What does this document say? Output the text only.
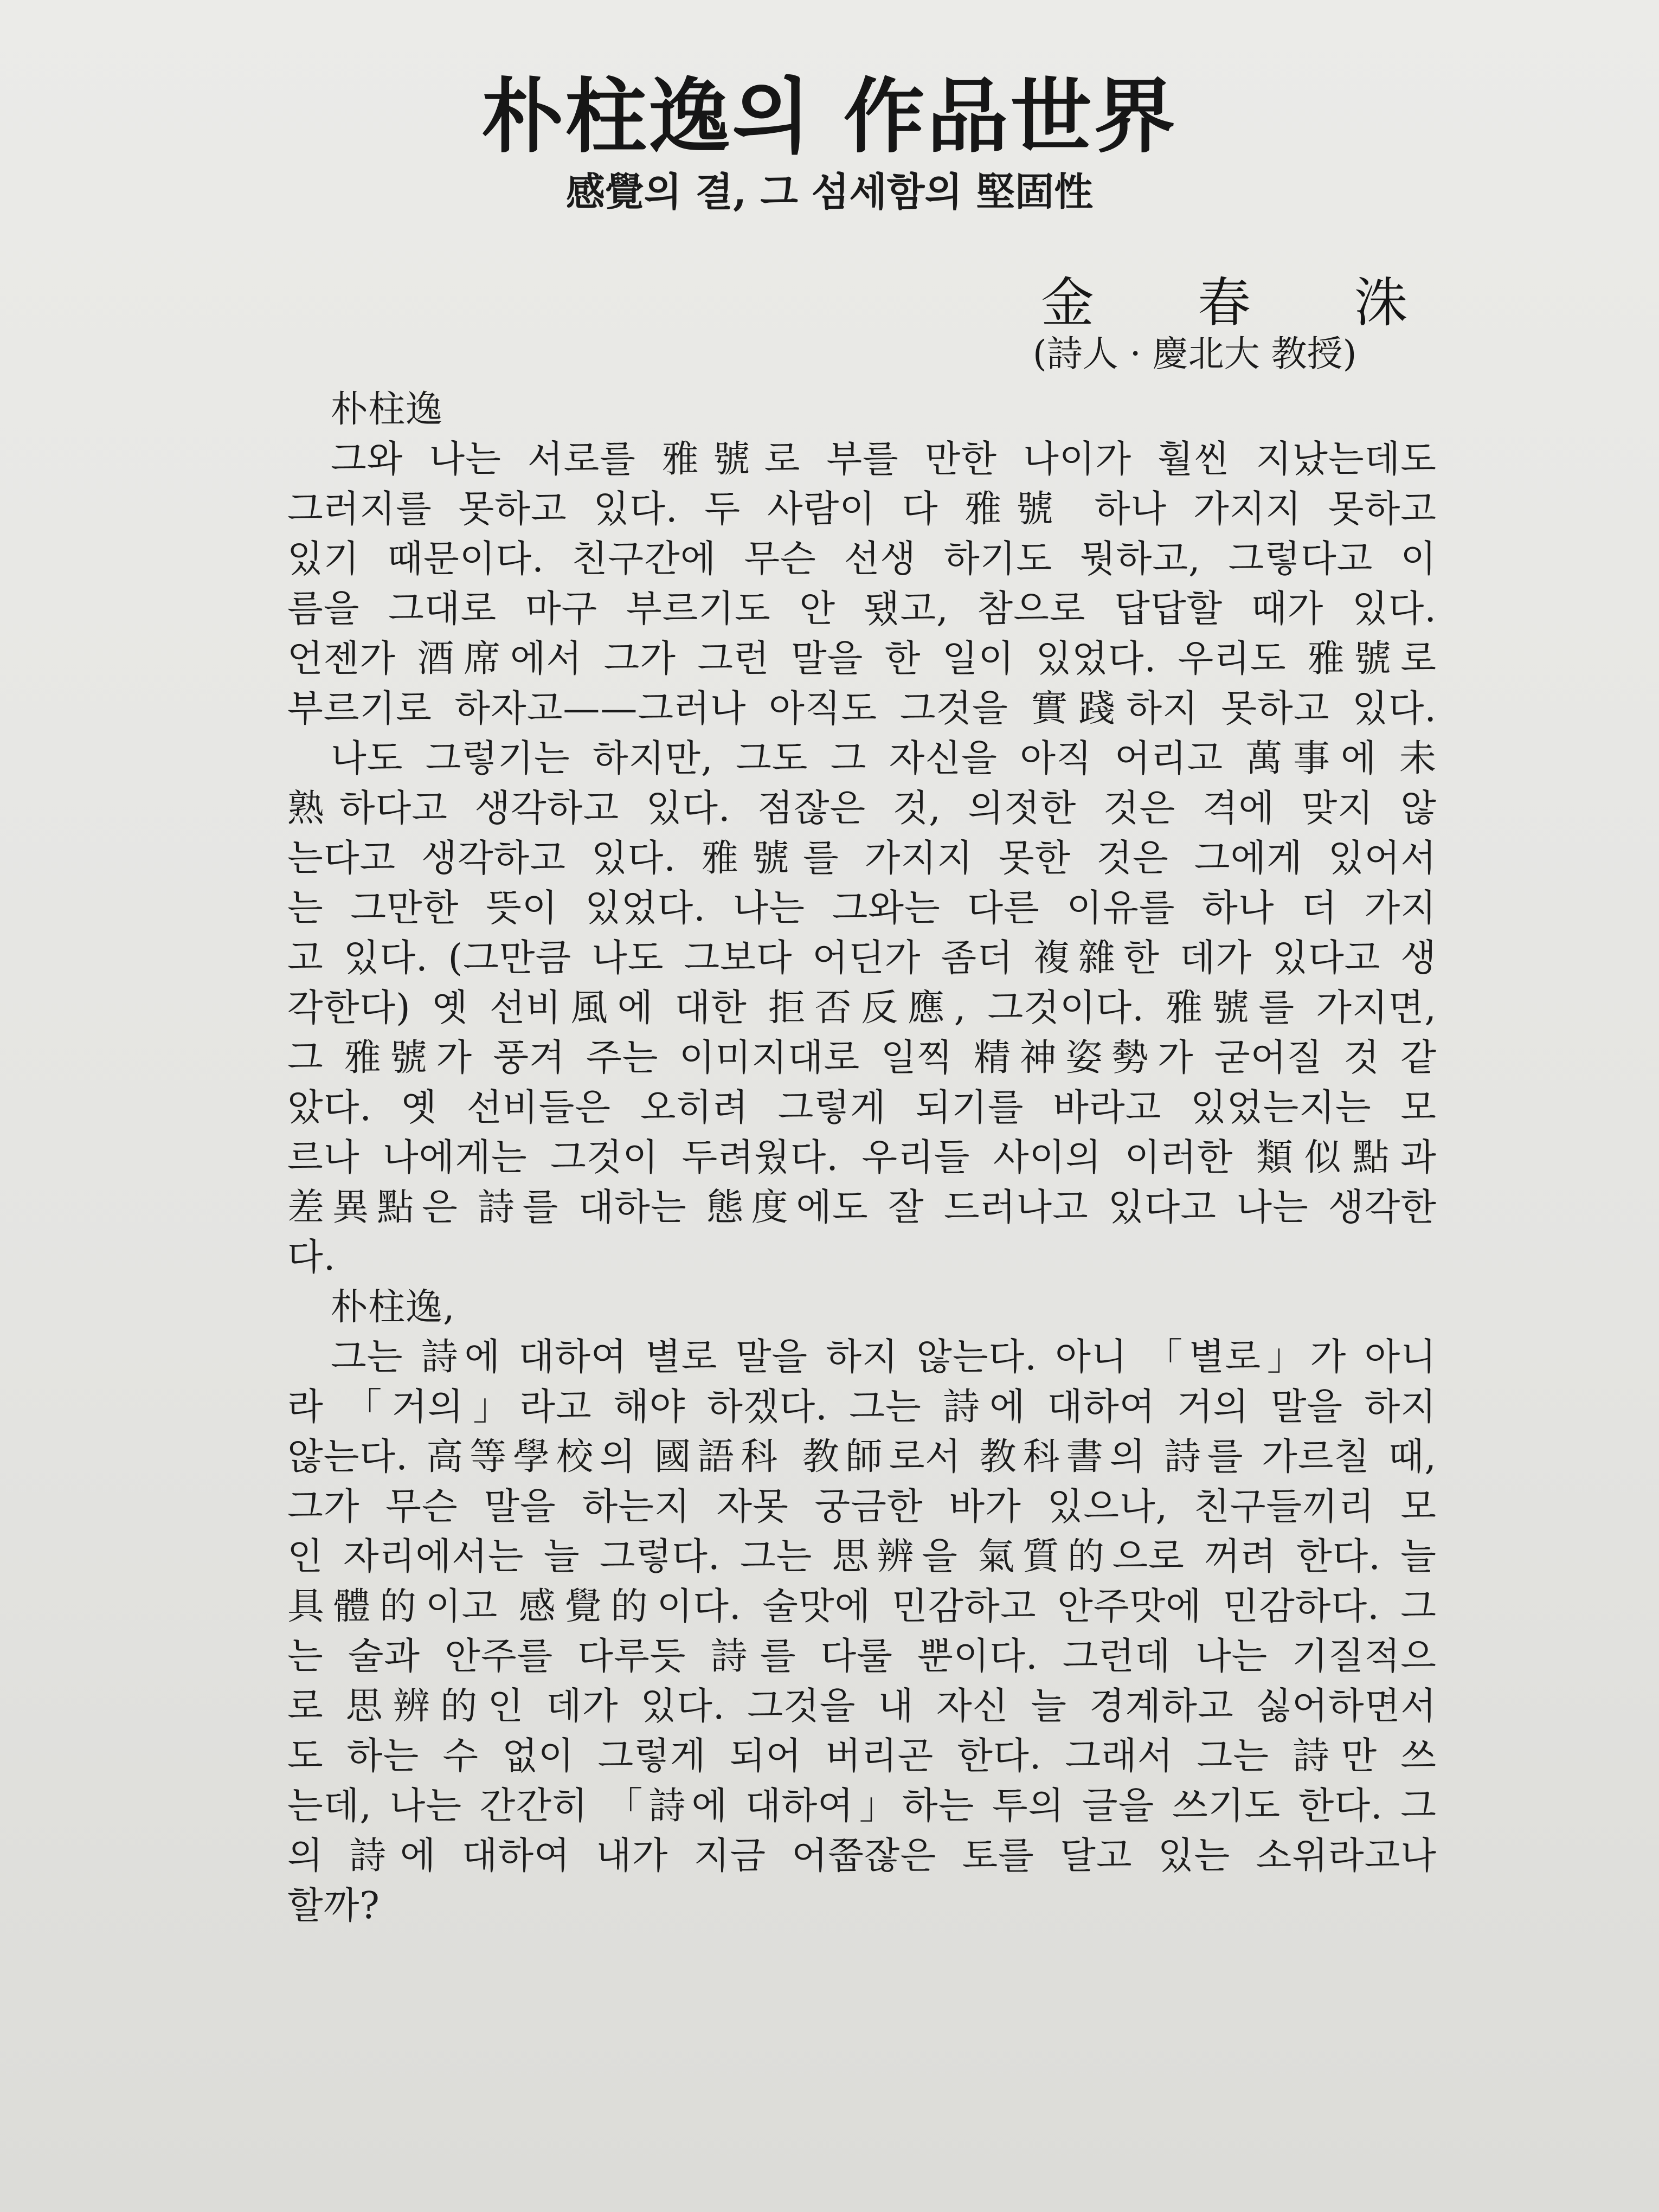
朴柱逸의 作品世界
感覺의 결, 그 섬세함의 堅固性
金 春 洙
(詩人 · 慶北大 教授)
朴柱逸
그와 나는 서로를 雅號로 부를 만한 나이가 훨씬 지났는데도
그러지를 못하고 있다. 두 사람이 다 雅號 하나 가지지 못하고
있기 때문이다. 친구간에 무슨 선생 하기도 뭣하고, 그렇다고 이
름을 그대로 마구 부르기도 안 됐고, 참으로 답답할 때가 있다.
언젠가 酒席에서 그가 그런 말을 한 일이 있었다. 우리도 雅號로
부르기로 하자고——그러나 아직도 그것을 實踐하지 못하고 있다.
나도 그렇기는 하지만, 그도 그 자신을 아직 어리고 萬事에 未
熟하다고 생각하고 있다. 점잖은 것, 의젓한 것은 격에 맞지 않
는다고 생각하고 있다. 雅號를 가지지 못한 것은 그에게 있어서
는 그만한 뜻이 있었다. 나는 그와는 다른 이유를 하나 더 가지
고 있다. (그만큼 나도 그보다 어딘가 좀더 複雜한 데가 있다고 생
각한다) 옛 선비風에 대한 拒否反應, 그것이다. 雅號를 가지면,
그 雅號가 풍겨 주는 이미지대로 일찍 精神姿勢가 굳어질 것 같
았다. 옛 선비들은 오히려 그렇게 되기를 바라고 있었는지는 모
르나 나에게는 그것이 두려웠다. 우리들 사이의 이러한 類似點과
差異點은 詩를 대하는 態度에도 잘 드러나고 있다고 나는 생각한
다.
朴柱逸,
그는 詩에 대하여 별로 말을 하지 않는다. 아니 「별로」가 아니
라 「거의」라고 해야 하겠다. 그는 詩에 대하여 거의 말을 하지
않는다. 高等學校의 國語科 教師로서 教科書의 詩를 가르칠 때,
그가 무슨 말을 하는지 자못 궁금한 바가 있으나, 친구들끼리 모
인 자리에서는 늘 그렇다. 그는 思辨을 氣質的으로 꺼려 한다. 늘
具體的이고 感覺的이다. 술맛에 민감하고 안주맛에 민감하다. 그
는 술과 안주를 다루듯 詩를 다룰 뿐이다. 그런데 나는 기질적으
로 思辨的인 데가 있다. 그것을 내 자신 늘 경계하고 싫어하면서
도 하는 수 없이 그렇게 되어 버리곤 한다. 그래서 그는 詩만 쓰
는데, 나는 간간히 「詩에 대하여」하는 투의 글을 쓰기도 한다. 그
의 詩에 대하여 내가 지금 어쭙잖은 토를 달고 있는 소위라고나
할까?
